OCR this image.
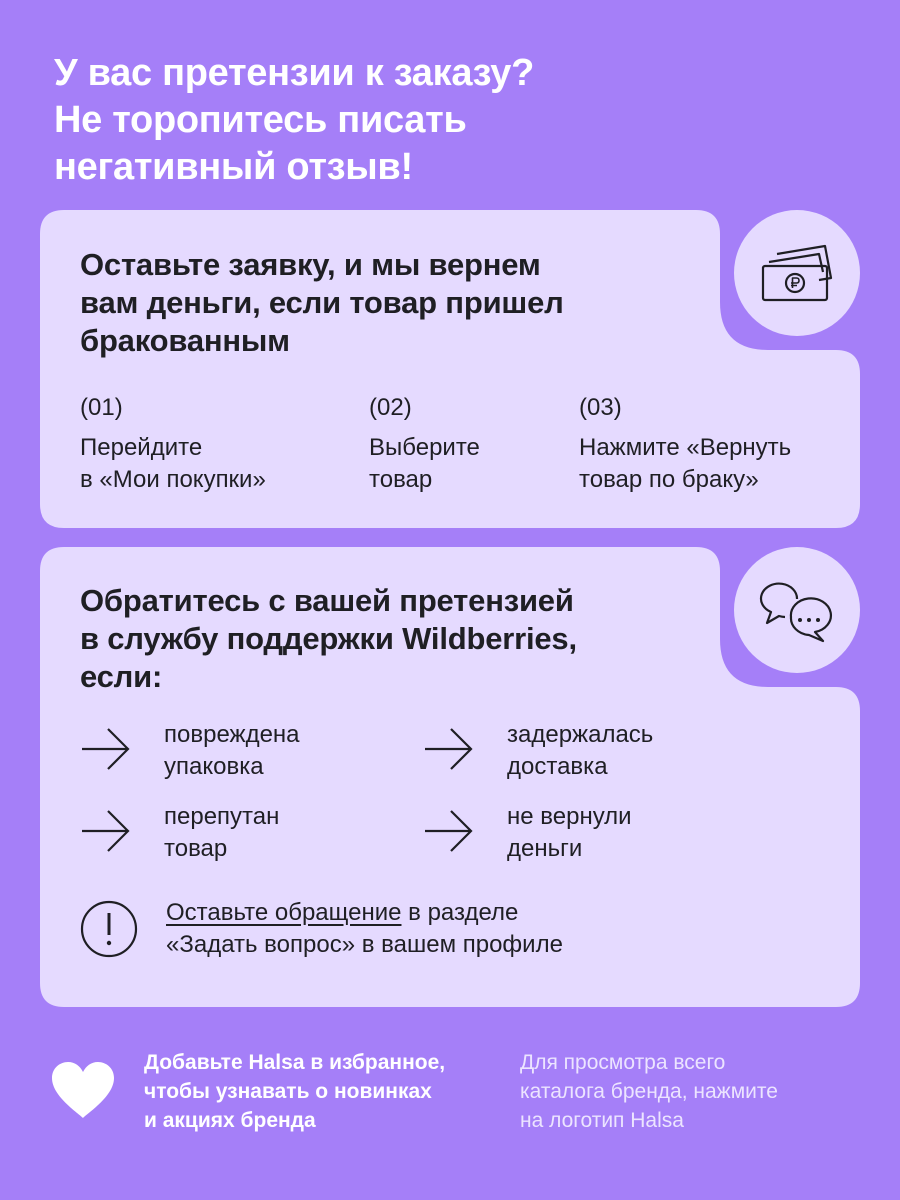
У вас претензии к заказу?
Не торопитесь писать
негативный отзыв!
Оставьте заявку, и мы вернем
вам деньги, если товар пришел
бракованным
(01)
Перейдите
в «Мои покупки»
(02)
Выберите
товар
(03)
Нажмите «Вернуть
товар по браку»
Обратитесь с вашей претензией
в службу поддержки Wildberries,
если:
повреждена
упаковка
задержалась
доставка
перепутан
товар
не вернули
деньги
Оставьте обращение в разделе
«Задать вопрос» в вашем профиле
Добавьте Halsa в избранное,
чтобы узнавать о новинках
и акциях бренда
Для просмотра всего
каталога бренда, нажмите
на логотип Halsa
